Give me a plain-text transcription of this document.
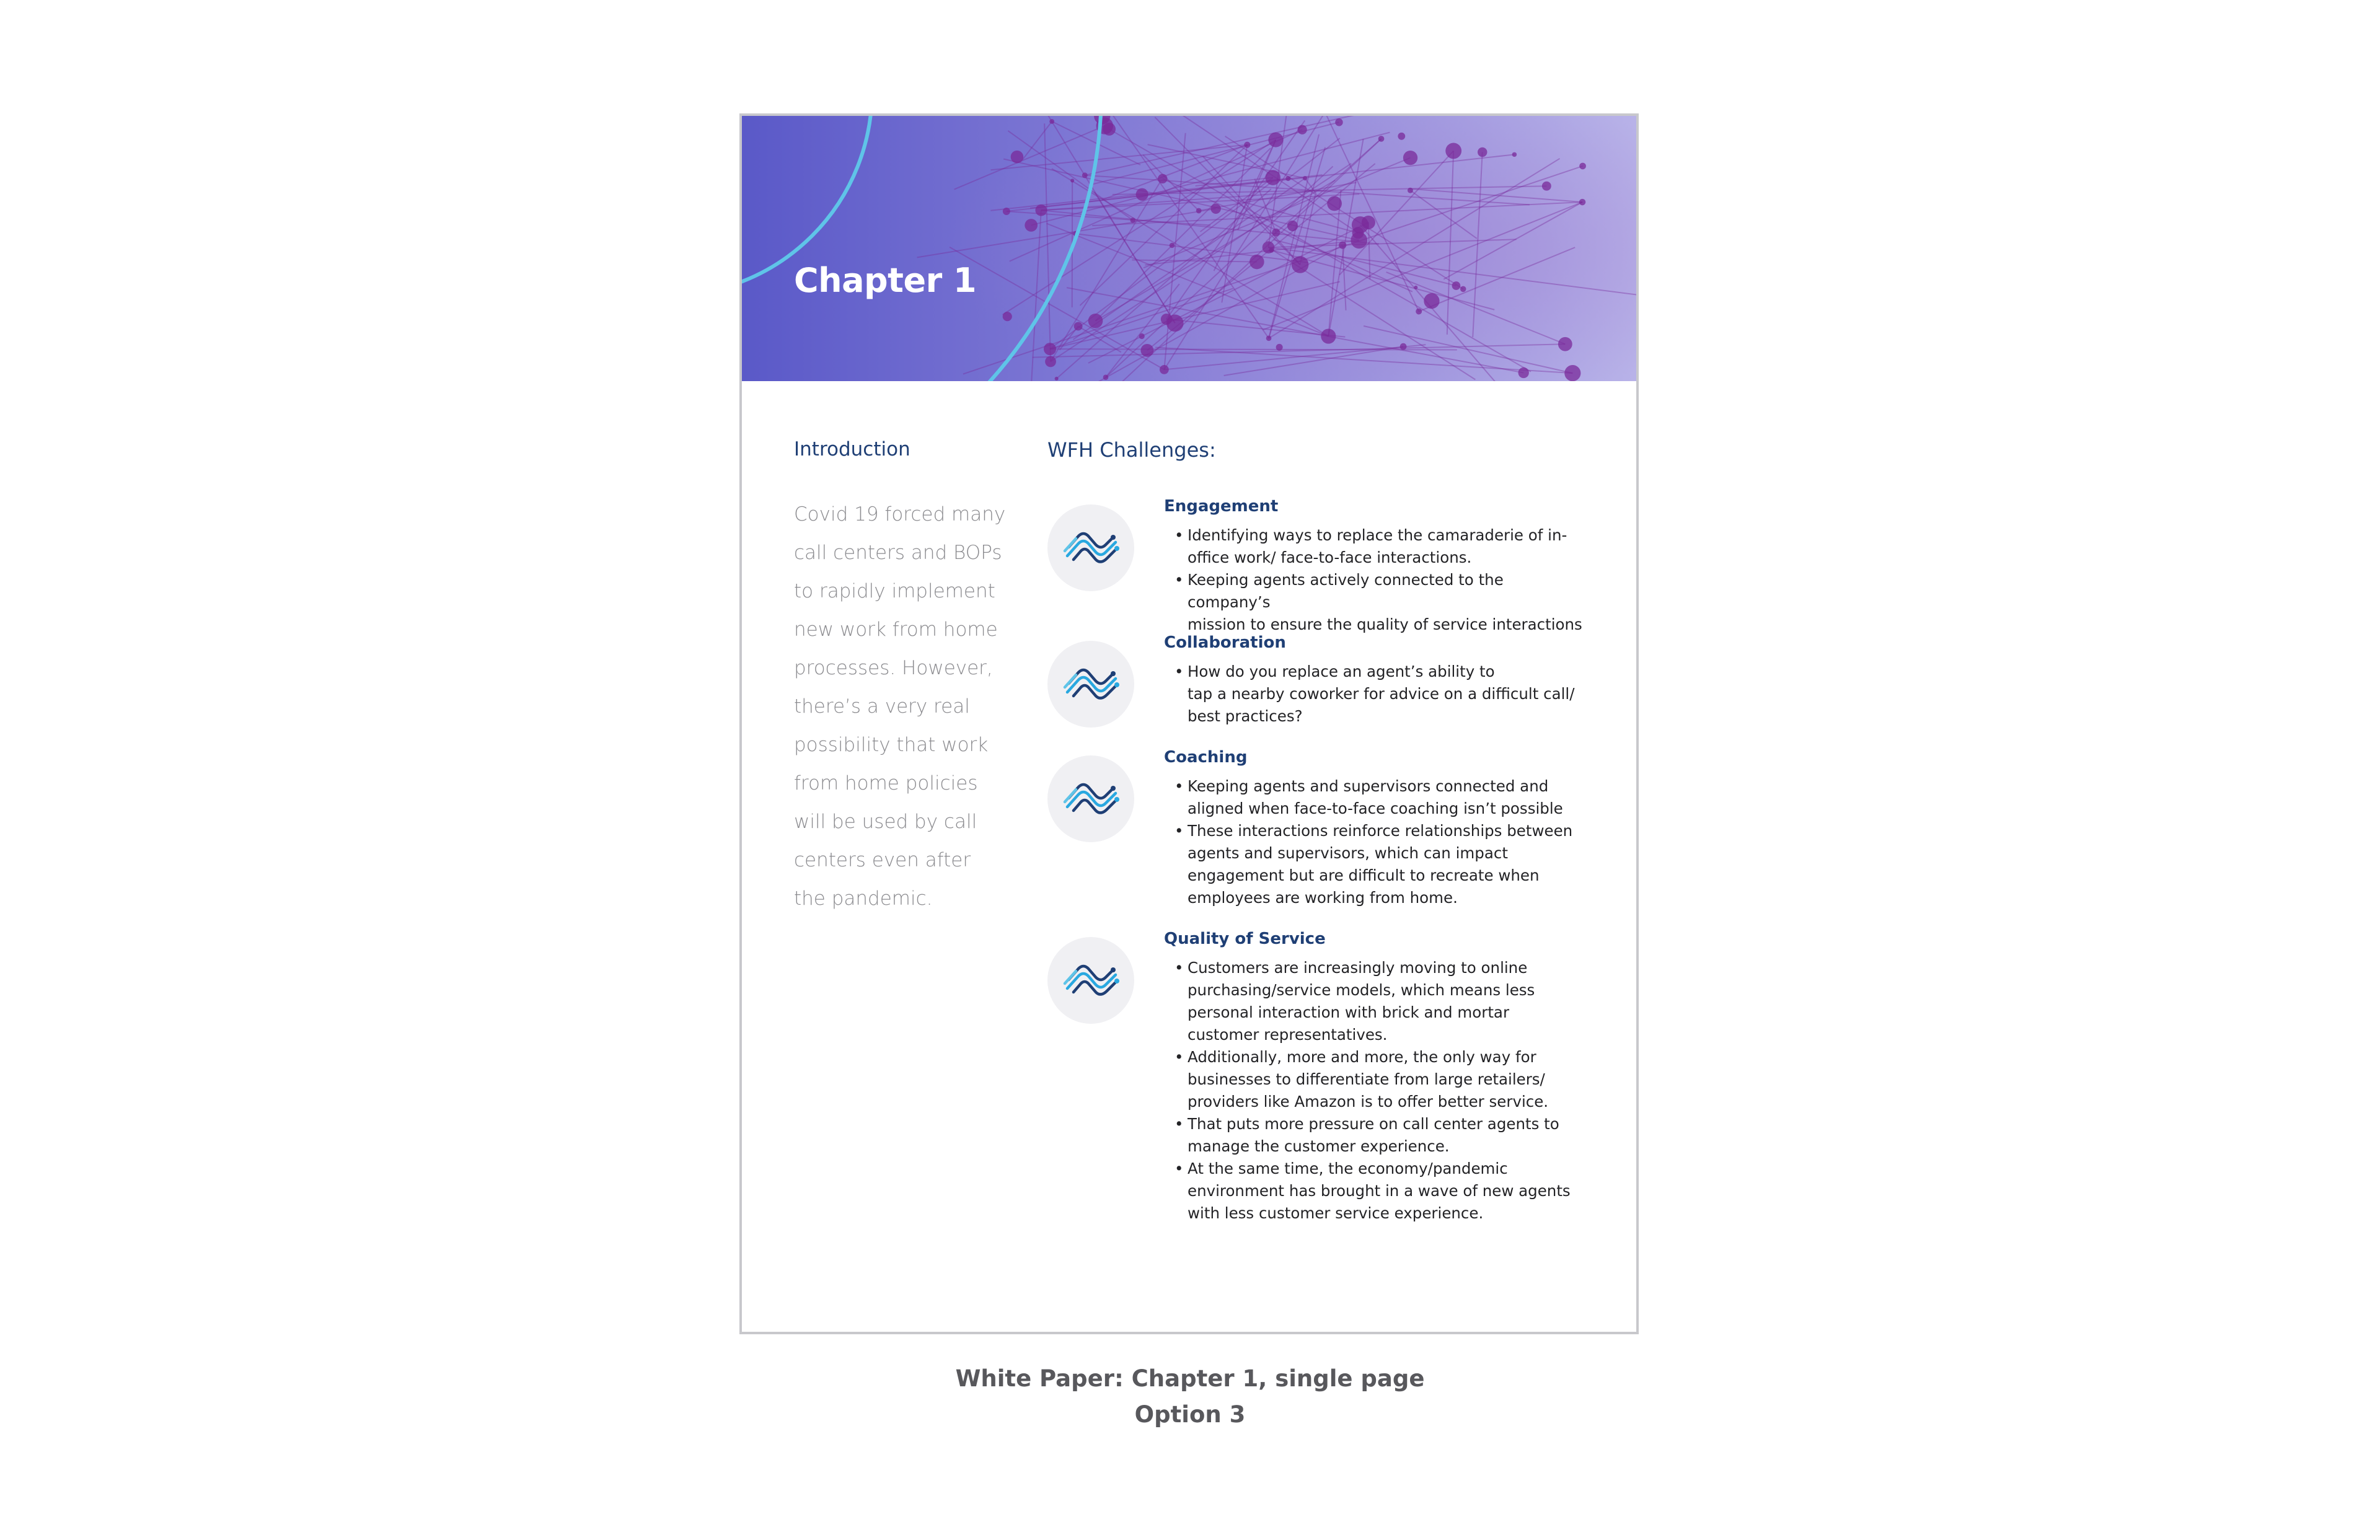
Chapter 1
Introduction

Covid 19 forced many
call centers and BOPs
to rapidly implement
new work from home
processes. However,
there’s a very real
possibility that work
from home policies
will be used by call
centers even after
the pandemic.

WFH Challenges:
Engagement
• Identifying ways to replace the camaraderie of in-
office work/ face-to-face interactions.
• Keeping agents actively connected to the company’s
mission to ensure the quality of service interactions
Collaboration
• How do you replace an agent’s ability to
tap a nearby coworker for advice on a difficult call/
best practices?
Coaching
• Keeping agents and supervisors connected and
aligned when face-to-face coaching isn’t possible
• These interactions reinforce relationships between
agents and supervisors, which can impact
engagement but are difficult to recreate when
employees are working from home.
Quality of Service
• Customers are increasingly moving to online
purchasing/service models, which means less
personal interaction with brick and mortar
customer representatives.
• Additionally, more and more, the only way for
businesses to differentiate from large retailers/
providers like Amazon is to offer better service.
• That puts more pressure on call center agents to
manage the customer experience.
• At the same time, the economy/pandemic
environment has brought in a wave of new agents
with less customer service experience.

White Paper: Chapter 1, single page

Option 3
